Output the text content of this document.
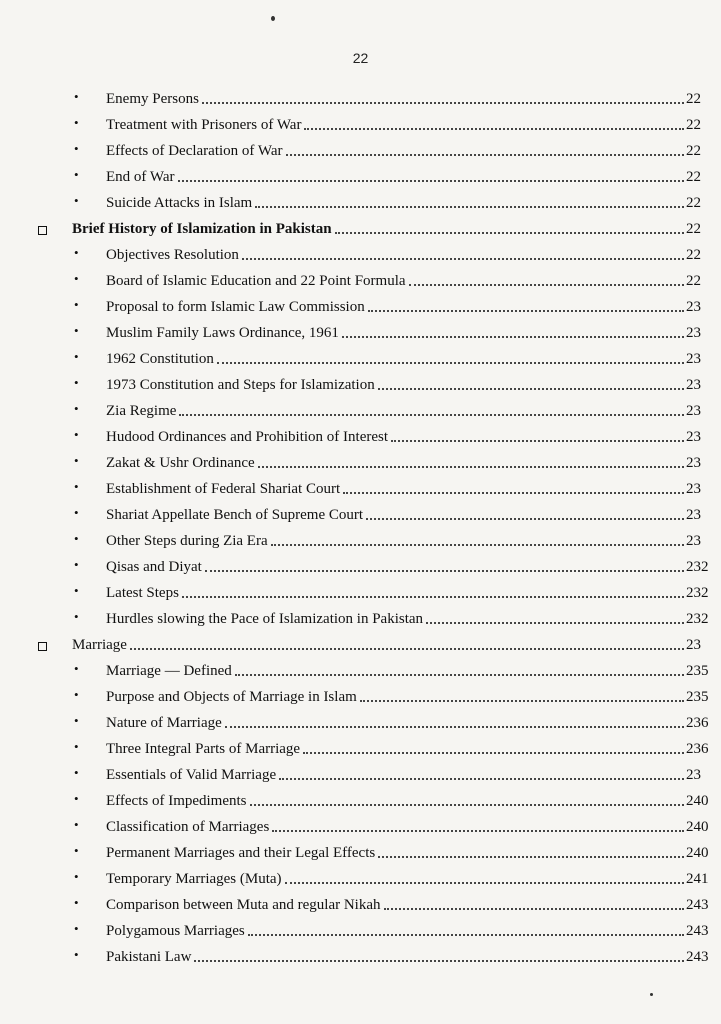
22
• Enemy Persons	22
• Treatment with Prisoners of War	22
• Effects of Declaration of War	22
• End of War	22
• Suicide Attacks in Islam	22
Brief History of Islamization in Pakistan	22
• Objectives Resolution	22
• Board of Islamic Education and 22 Point Formula	22
• Proposal to form Islamic Law Commission	23
• Muslim Family Laws Ordinance, 1961	23
• 1962 Constitution	23
• 1973 Constitution and Steps for Islamization	23
• Zia Regime	23
• Hudood Ordinances and Prohibition of Interest	23
• Zakat & Ushr Ordinance	23
• Establishment of Federal Shariat Court	23
• Shariat Appellate Bench of Supreme Court	23
• Other Steps during Zia Era	23
• Qisas and Diyat	232
• Latest Steps	232
• Hurdles slowing the Pace of Islamization in Pakistan	232
Marriage	23
• Marriage — Defined	235
• Purpose and Objects of Marriage in Islam	235
• Nature of Marriage	236
• Three Integral Parts of Marriage	236
• Essentials of Valid Marriage	23
• Effects of Impediments	240
• Classification of Marriages	240
• Permanent Marriages and their Legal Effects	240
• Temporary Marriages (Muta)	241
• Comparison between Muta and regular Nikah	243
• Polygamous Marriages	243
• Pakistani Law	243
